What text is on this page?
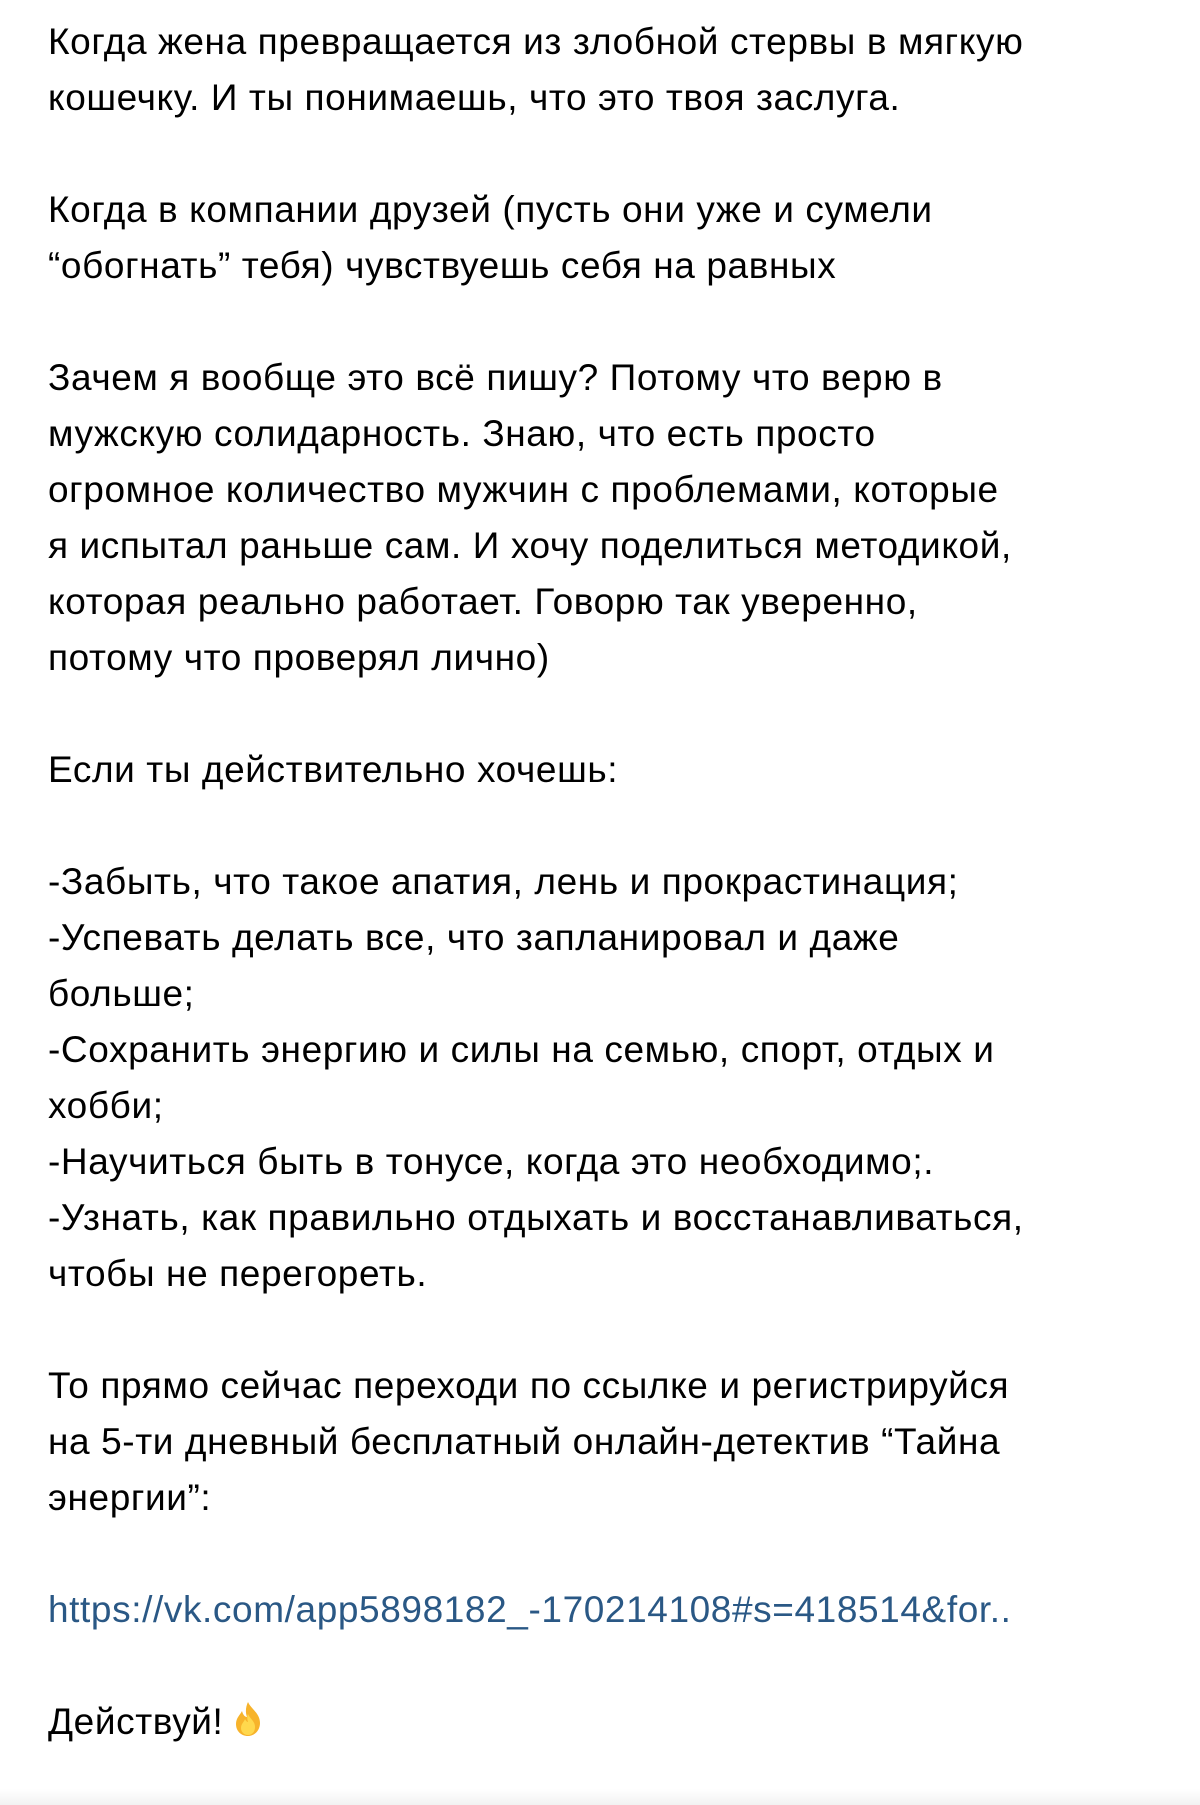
Когда жена превращается из злобной стервы в мягкую
кошечку. И ты понимаешь, что это твоя заслуга.
Когда в компании друзей (пусть они уже и сумели
“обогнать” тебя) чувствуешь себя на равных
Зачем я вообще это всё пишу? Потому что верю в
мужскую солидарность. Знаю, что есть просто
огромное количество мужчин с проблемами, которые
я испытал раньше сам. И хочу поделиться методикой,
которая реально работает. Говорю так уверенно,
потому что проверял лично)
Если ты действительно хочешь:
-Забыть, что такое апатия, лень и прокрастинация;
-Успевать делать все, что запланировал и даже
больше;
-Сохранить энергию и силы на семью, спорт, отдых и
хобби;
-Научиться быть в тонусе, когда это необходимо;.
-Узнать, как правильно отдыхать и восстанавливаться,
чтобы не перегореть.
То прямо сейчас переходи по ссылке и регистрируйся
на 5-ти дневный бесплатный онлайн-детектив “Тайна
энергии”:
https://vk.com/app5898182_-170214108#s=418514&for..
Действуй!
